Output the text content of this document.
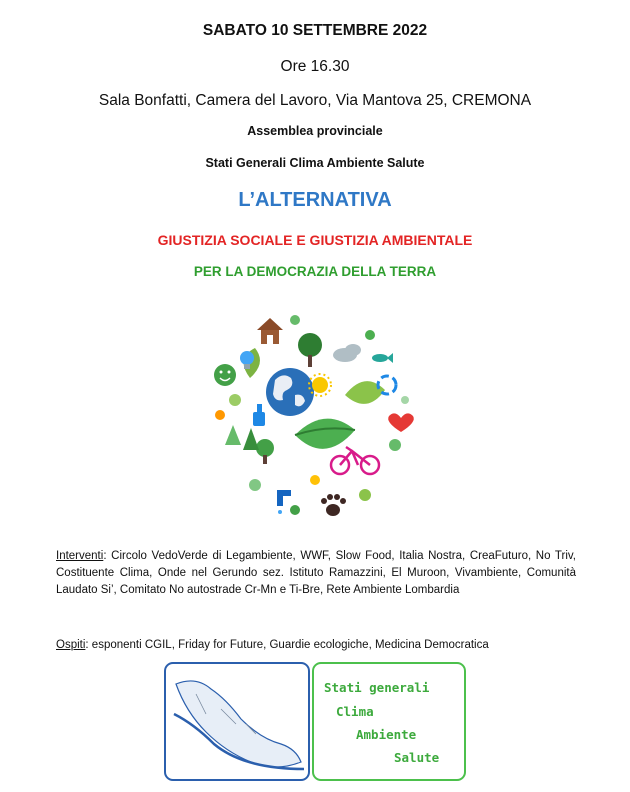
SABATO 10 SETTEMBRE 2022
Ore 16.30
Sala Bonfatti, Camera del Lavoro, Via Mantova 25, CREMONA
Assemblea provinciale
Stati Generali Clima Ambiente Salute
L’ALTERNATIVA
GIUSTIZIA SOCIALE E GIUSTIZIA AMBIENTALE
PER LA DEMOCRAZIA DELLA TERRA
Interventi: Circolo VedoVerde di Legambiente, WWF, Slow Food, Italia Nostra, CreaFuturo, No Triv, Costituente Clima, Onde nel Gerundo sez. Istituto Ramazzini, El Muroon, Vivambiente, Comunità Laudato Si’, Comitato No autostrade Cr-Mn e Ti-Bre, Rete Ambiente Lombardia
Ospiti: esponenti CGIL, Friday for Future, Guardie ecologiche, Medicina Democratica
Stati generali
Clima
Ambiente
Salute
